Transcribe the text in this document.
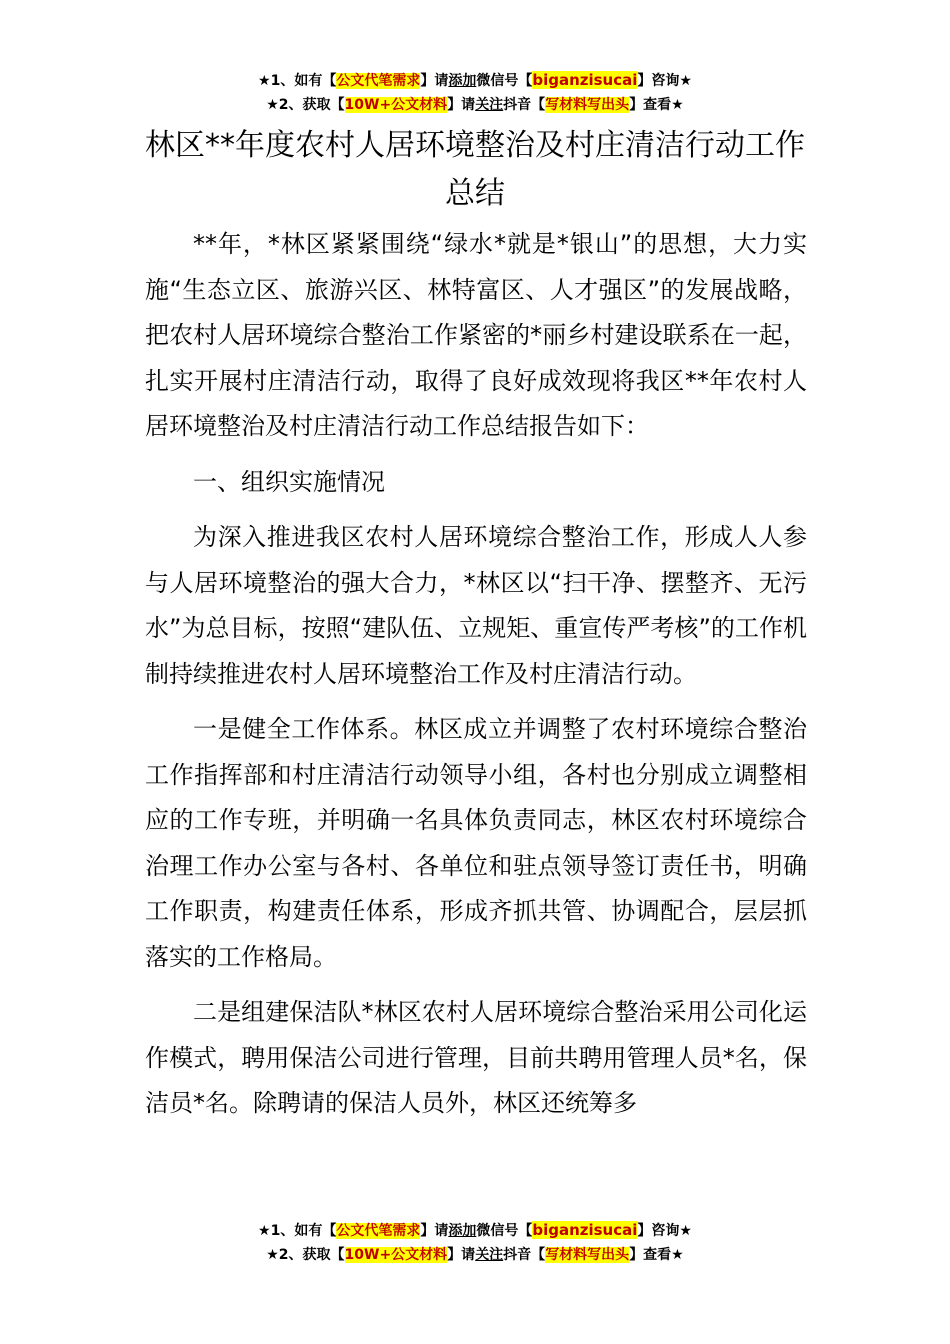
★1、如有【公文代笔需求】请添加微信号【biganzisucai】咨询★
★2、获取【10W+公文材料】请关注抖音【写材料写出头】查看★
林区**年度农村人居环境整治及村庄清洁行动工作总结

**年，*林区紧紧围绕“绿水*就是*银山”的思想，大力实施“生态立区、旅游兴区、林特富区、人才强区”的发展战略，把农村人居环境综合整治工作紧密的*丽乡村建设联系在一起，扎实开展村庄清洁行动，取得了良好成效现将我区**年农村人居环境整治及村庄清洁行动工作总结报告如下：

一、组织实施情况

为深入推进我区农村人居环境综合整治工作，形成人人参与人居环境整治的强大合力，*林区以“扫干净、摆整齐、无污水”为总目标，按照“建队伍、立规矩、重宣传严考核”的工作机制持续推进农村人居环境整治工作及村庄清洁行动。

一是健全工作体系。林区成立并调整了农村环境综合整治工作指挥部和村庄清洁行动领导小组，各村也分别成立调整相应的工作专班，并明确一名具体负责同志，林区农村环境综合治理工作办公室与各村、各单位和驻点领导签订责任书，明确工作职责，构建责任体系，形成齐抓共管、协调配合，层层抓落实的工作格局。

二是组建保洁队*林区农村人居环境综合整治采用公司化运作模式，聘用保洁公司进行管理，目前共聘用管理人员*名，保洁员*名。除聘请的保洁人员外，林区还统筹多

★1、如有【公文代笔需求】请添加微信号【biganzisucai】咨询★
★2、获取【10W+公文材料】请关注抖音【写材料写出头】查看★
